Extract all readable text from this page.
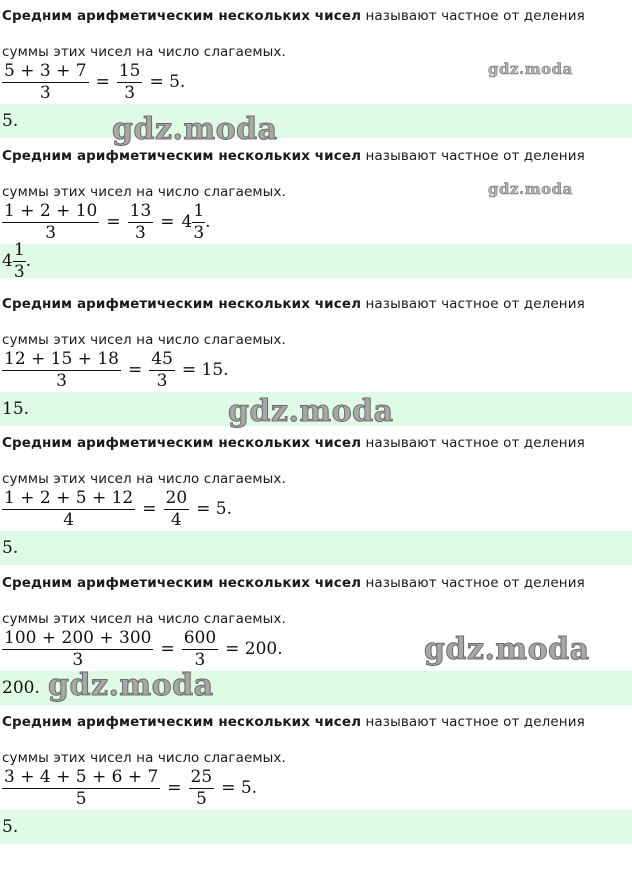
Средним арифметическим нескольких чисел называют частное от деления
суммы этих чисел на число слагаемых.
$\frac{5 + 3 + 7}{3} = \frac{15}{3} = 5$.
5.
Средним арифметическим нескольких чисел называют частное от деления
суммы этих чисел на число слагаемых.
$\frac{1 + 2 + 10}{3} = \frac{13}{3} = 4 \frac{1}{3}$ .
$4 \frac{1}{3}$ .
Средним арифметическим нескольких чисел называют частное от деления
суммы этих чисел на число слагаемых.
$\frac{12 + 15 + 18}{3} = \frac{45}{3} = 15$.
15.
Средним арифметическим нескольких чисел называют частное от деления
суммы этих чисел на число слагаемых.
$\frac{1 + 2 + 5 + 12}{4} = \frac{20}{4} = 5$.
5.
Средним арифметическим нескольких чисел называют частное от деления
суммы этих чисел на число слагаемых.
$\frac{100 + 200 + 300}{3} = \frac{600}{3} = 200$.
200.
Средним арифметическим нескольких чисел называют частное от деления
суммы этих чисел на число слагаемых.
$\frac{3 + 4 + 5 + 6 + 7}{5} = \frac{25}{5} = 5$.
5.
gdz.moda
gdz.moda
gdz.moda
gdz.moda
gdz.moda
gdz.moda
